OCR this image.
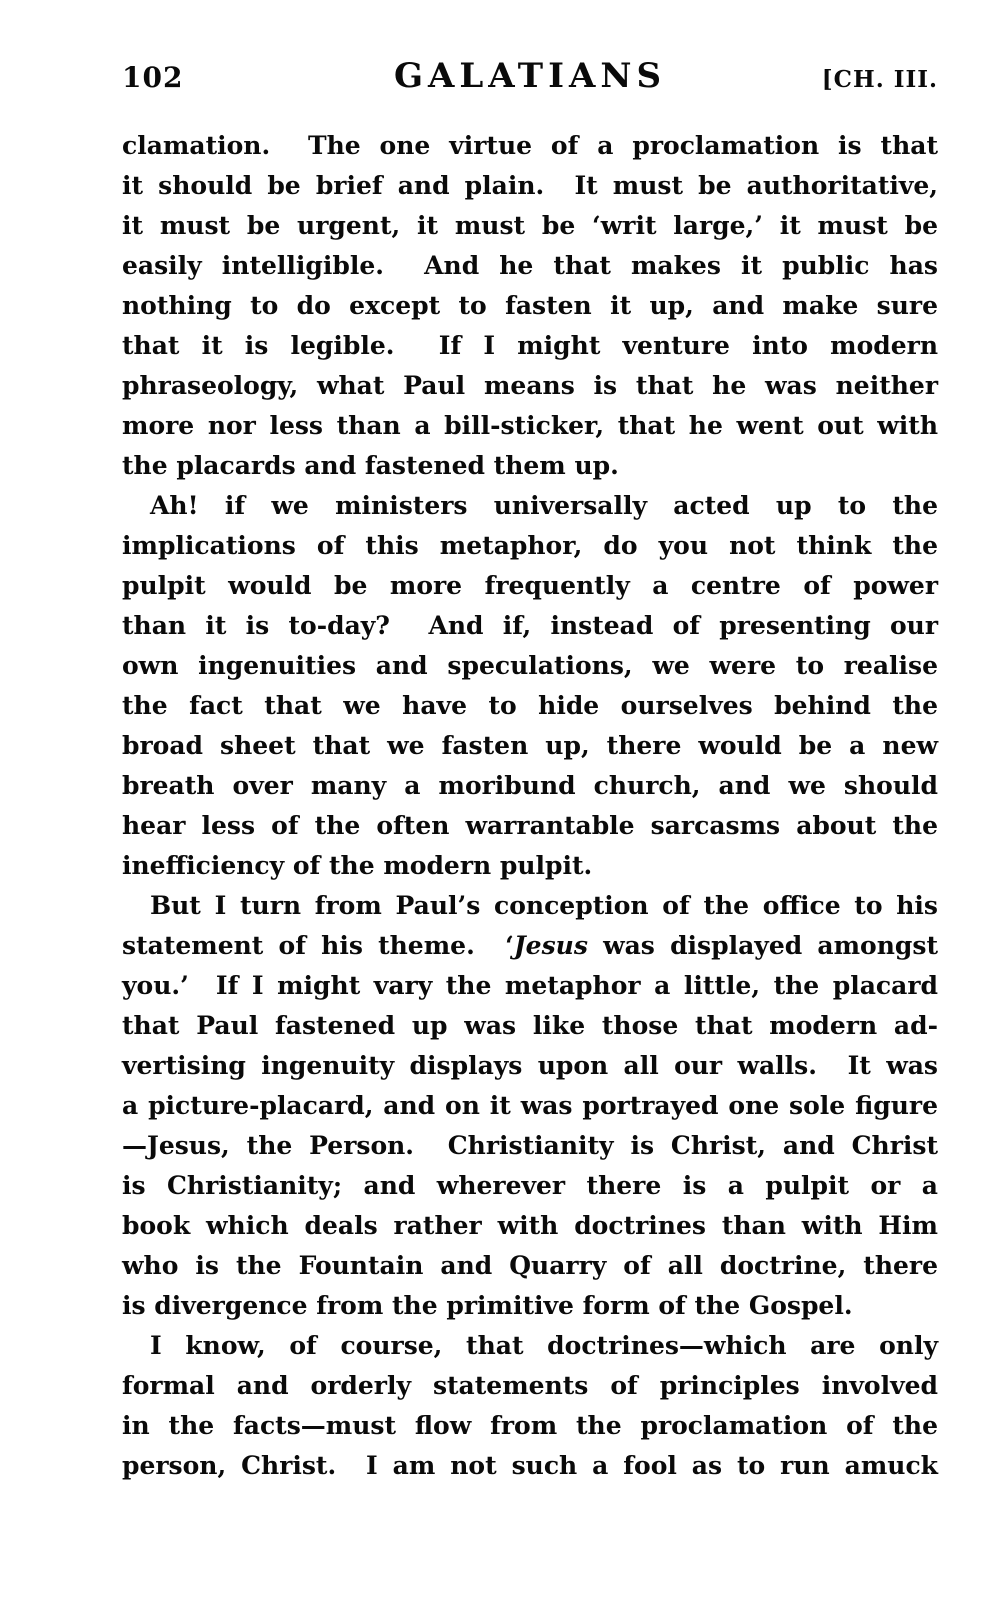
102	GALATIANS	[CH. III.
clamation.  The one virtue of a proclamation is that
it should be brief and plain.  It must be authoritative,
it must be urgent, it must be ‘writ large,’ it must be
easily intelligible.  And he that makes it public has
nothing to do except to fasten it up, and make sure
that it is legible.  If I might venture into modern
phraseology, what Paul means is that he was neither
more nor less than a bill-sticker, that he went out with
the placards and fastened them up.
Ah! if we ministers universally acted up to the
implications of this metaphor, do you not think the
pulpit would be more frequently a centre of power
than it is to-day?  And if, instead of presenting our
own ingenuities and speculations, we were to realise
the fact that we have to hide ourselves behind the
broad sheet that we fasten up, there would be a new
breath over many a moribund church, and we should
hear less of the often warrantable sarcasms about the
inefficiency of the modern pulpit.
But I turn from Paul’s conception of the office to his
statement of his theme.  ‘Jesus was displayed amongst
you.’  If I might vary the metaphor a little, the placard
that Paul fastened up was like those that modern ad-
vertising ingenuity displays upon all our walls.  It was
a picture-placard, and on it was portrayed one sole figure
—Jesus, the Person.  Christianity is Christ, and Christ
is Christianity; and wherever there is a pulpit or a
book which deals rather with doctrines than with Him
who is the Fountain and Quarry of all doctrine, there
is divergence from the primitive form of the Gospel.
I know, of course, that doctrines—which are only
formal and orderly statements of principles involved
in the facts—must flow from the proclamation of the
person, Christ.  I am not such a fool as to run amuck
